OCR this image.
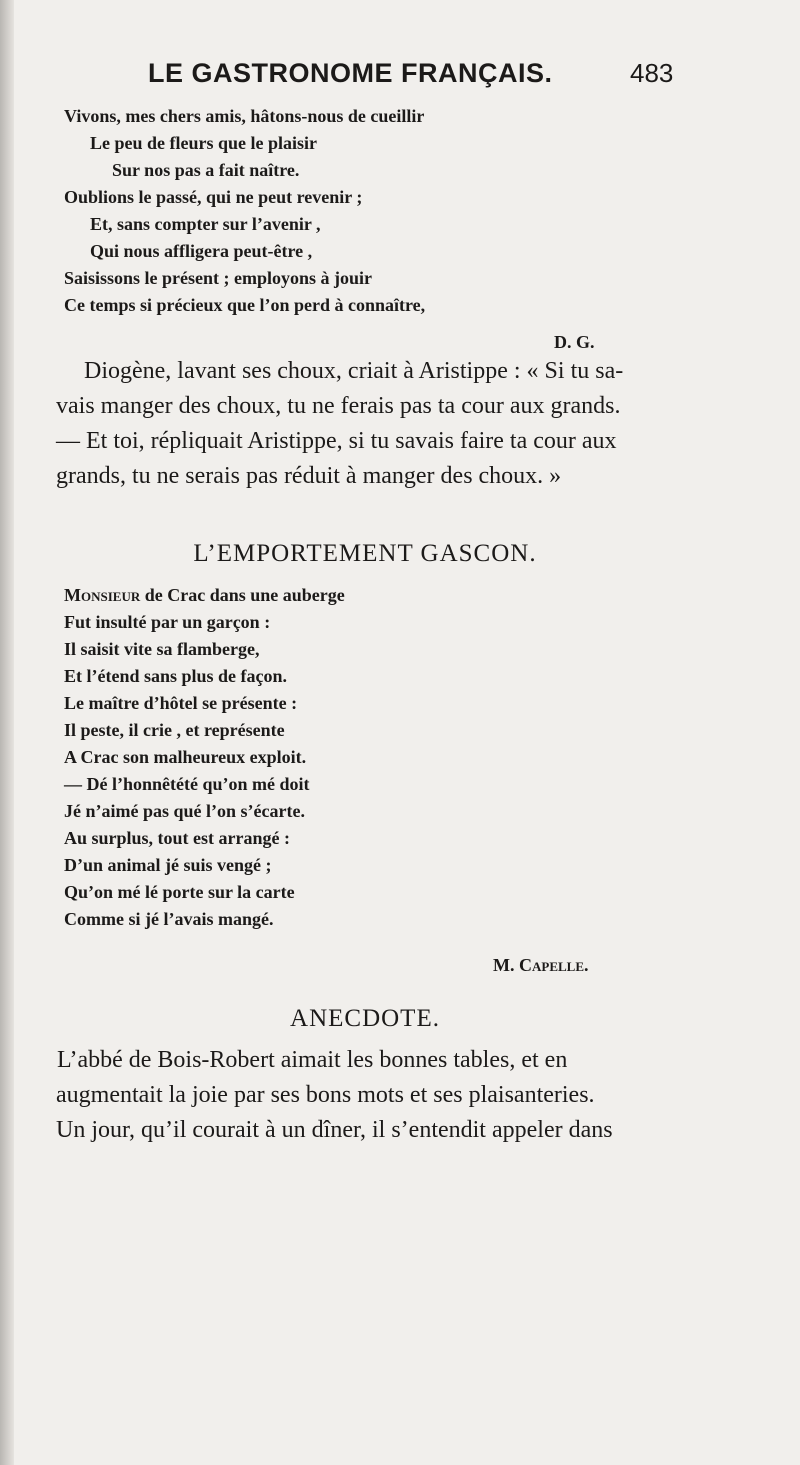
LE GASTRONOME FRANÇAIS.	483
Vivons, mes chers amis, hâtons-nous de cueillir
Le peu de fleurs que le plaisir
Sur nos pas a fait naître.
Oublions le passé, qui ne peut revenir ;
Et, sans compter sur l’avenir ,
Qui nous affligera peut-être ,
Saisissons le présent ; employons à jouir
Ce temps si précieux que l’on perd à connaître,
D. G.
Diogène, lavant ses choux, criait à Aristippe : « Si tu sa-
vais manger des choux, tu ne ferais pas ta cour aux grands.
— Et toi, répliquait Aristippe, si tu savais faire ta cour aux
grands, tu ne serais pas réduit à manger des choux. »
L’EMPORTEMENT GASCON.
Monsieur de Crac dans une auberge
Fut insulté par un garçon :
Il saisit vite sa flamberge,
Et l’étend sans plus de façon.
Le maître d’hôtel se présente :
Il peste, il crie , et représente
A Crac son malheureux exploit.
— Dé l’honnêtété qu’on mé doit
Jé n’aimé pas qué l’on s’écarte.
Au surplus, tout est arrangé :
D’un animal jé suis vengé ;
Qu’on mé lé porte sur la carte
Comme si jé l’avais mangé.
M. Capelle.
ANECDOTE.
L’abbé de Bois-Robert aimait les bonnes tables, et en
augmentait la joie par ses bons mots et ses plaisanteries.
Un jour, qu’il courait à un dîner, il s’entendit appeler dans
